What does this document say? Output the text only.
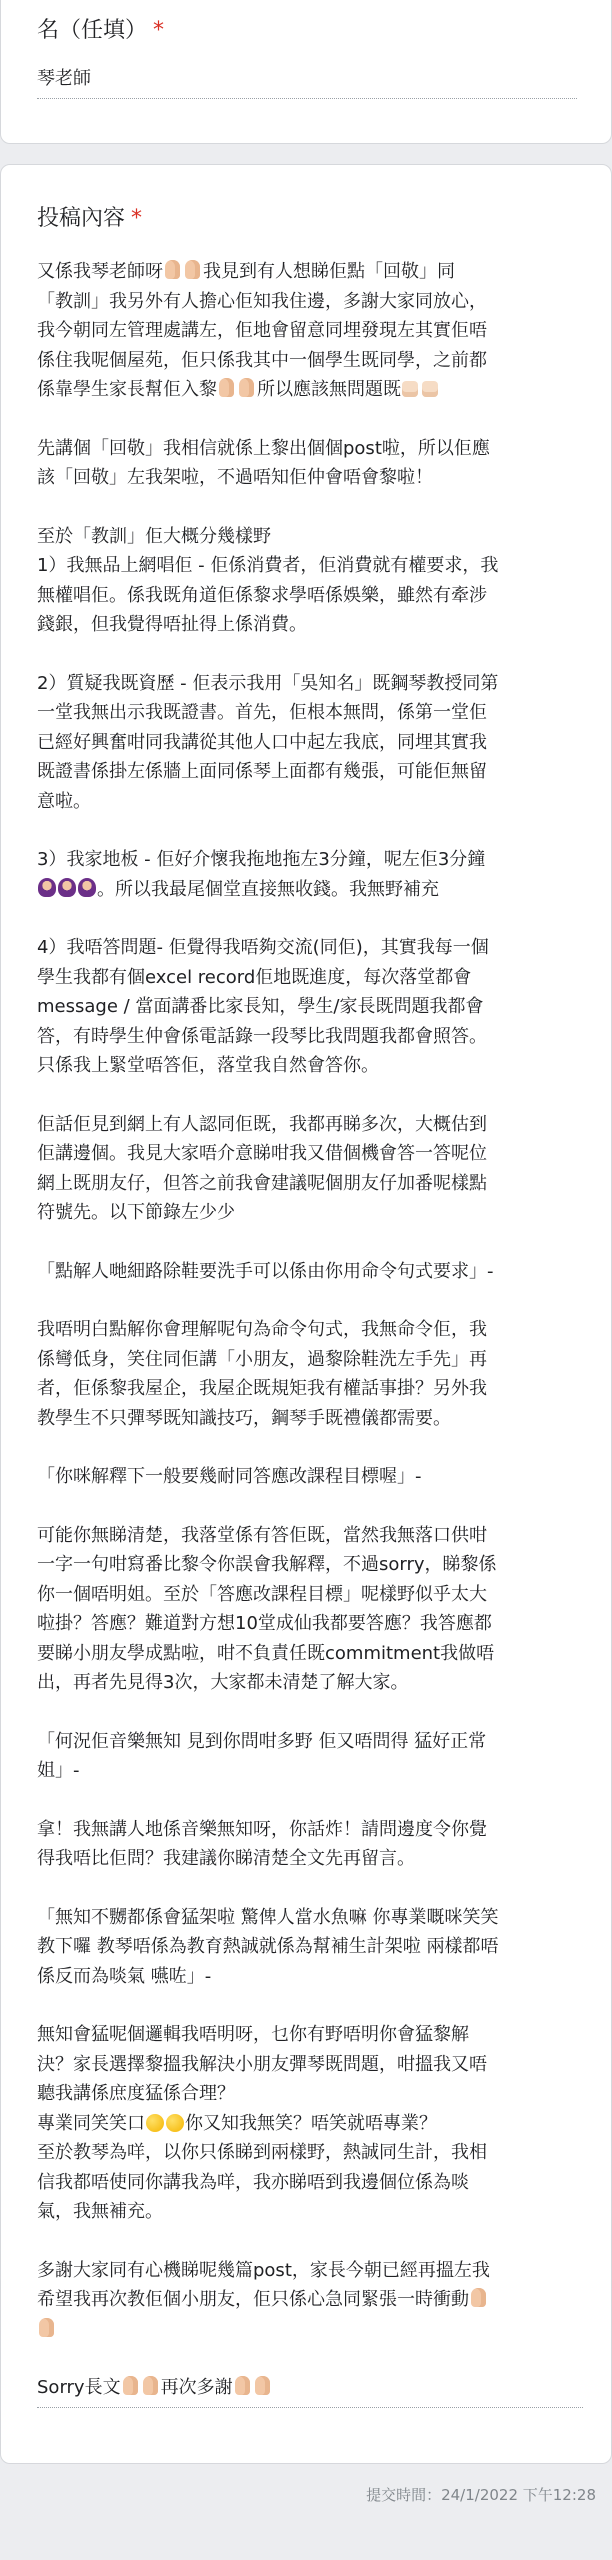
名（任填） *
琴老師
投稿內容 *
又係我琴老師呀 我見到有人想睇佢點「回敬」同
「教訓」我另外有人擔心佢知我住邊，多謝大家同放心，
我今朝同左管理處講左，佢地會留意同埋發現左其實佢唔
係住我呢個屋苑，佢只係我其中一個學生既同學，之前都
係靠學生家長幫佢入黎 所以應該無問題既
先講個「回敬」我相信就係上黎出個個post啦，所以佢應
該「回敬」左我架啦，不過唔知佢仲會唔會黎啦！
至於「教訓」佢大概分幾樣野
1）我無品上網唱佢 - 佢係消費者，佢消費就有權要求，我
無權唱佢。係我既角道佢係黎求學唔係娛樂，雖然有牽涉
錢銀，但我覺得唔扯得上係消費。
2）質疑我既資歷 - 佢表示我用「吳知名」既鋼琴教授同第
一堂我無出示我既證書。首先，佢根本無問，係第一堂佢
已經好興奮咁同我講從其他人口中起左我底，同埋其實我
既證書係掛左係牆上面同係琴上面都有幾張，可能佢無留
意啦。
3）我家地板 - 佢好介懷我拖地拖左3分鐘，呢左佢3分鐘
。所以我最尾個堂直接無收錢。我無野補充
4）我唔答問題- 佢覺得我唔夠交流(同佢)，其實我每一個
學生我都有個excel record佢地既進度，每次落堂都會
message / 當面講番比家長知，學生/家長既問題我都會
答，有時學生仲會係電話錄一段琴比我問題我都會照答。
只係我上緊堂唔答佢，落堂我自然會答你。
佢話佢見到網上有人認同佢既，我都再睇多次，大概估到
佢講邊個。我見大家唔介意睇咁我又借個機會答一答呢位
網上既朋友仔，但答之前我會建議呢個朋友仔加番呢樣點
符號先。以下節錄左少少
「點解人哋細路除鞋要洗手可以係由你用命令句式要求」-
我唔明白點解你會理解呢句為命令句式，我無命令佢，我
係彎低身，笑住同佢講「小朋友，過黎除鞋洗左手先」再
者，佢係黎我屋企，我屋企既規矩我有權話事掛？另外我
教學生不只彈琴既知識技巧，鋼琴手既禮儀都需要。
「你咪解釋下一般要幾耐同答應改課程目標喔」-
可能你無睇清楚，我落堂係有答佢既，當然我無落口供咁
一字一句咁寫番比黎令你誤會我解釋，不過sorry，睇黎係
你一個唔明姐。至於「答應改課程目標」呢樣野似乎太大
啦掛？答應？難道對方想10堂成仙我都要答應？我答應都
要睇小朋友學成點啦，咁不負責任既commitment我做唔
出，再者先見得3次，大家都未清楚了解大家。
「何況佢音樂無知 見到你問咁多野 佢又唔問得 猛好正常
姐」-
拿！我無講人地係音樂無知呀，你話炸！請問邊度令你覺
得我唔比佢問？我建議你睇清楚全文先再留言。
「無知不嬲都係會猛架啦 驚俾人當水魚嘛 你專業嘅咪笑笑
教下囉 教琴唔係為教育熱誠就係為幫補生計架啦 兩樣都唔
係反而為啖氣 嚥咗」-
無知會猛呢個邏輯我唔明呀，乜你有野唔明你會猛黎解
決？家長選擇黎搵我解決小朋友彈琴既問題，咁搵我又唔
聽我講係庶度猛係合理？
專業同笑笑口 你又知我無笑？唔笑就唔專業？
至於教琴為咩，以你只係睇到兩樣野，熱誠同生計，我相
信我都唔使同你講我為咩，我亦睇唔到我邊個位係為啖
氣，我無補充。
多謝大家同有心機睇呢幾篇post，家長今朝已經再搵左我
希望我再次教佢個小朋友，佢只係心急同緊張一時衝動
Sorry長文 再次多謝
提交時間：24/1/2022 下午12:28
